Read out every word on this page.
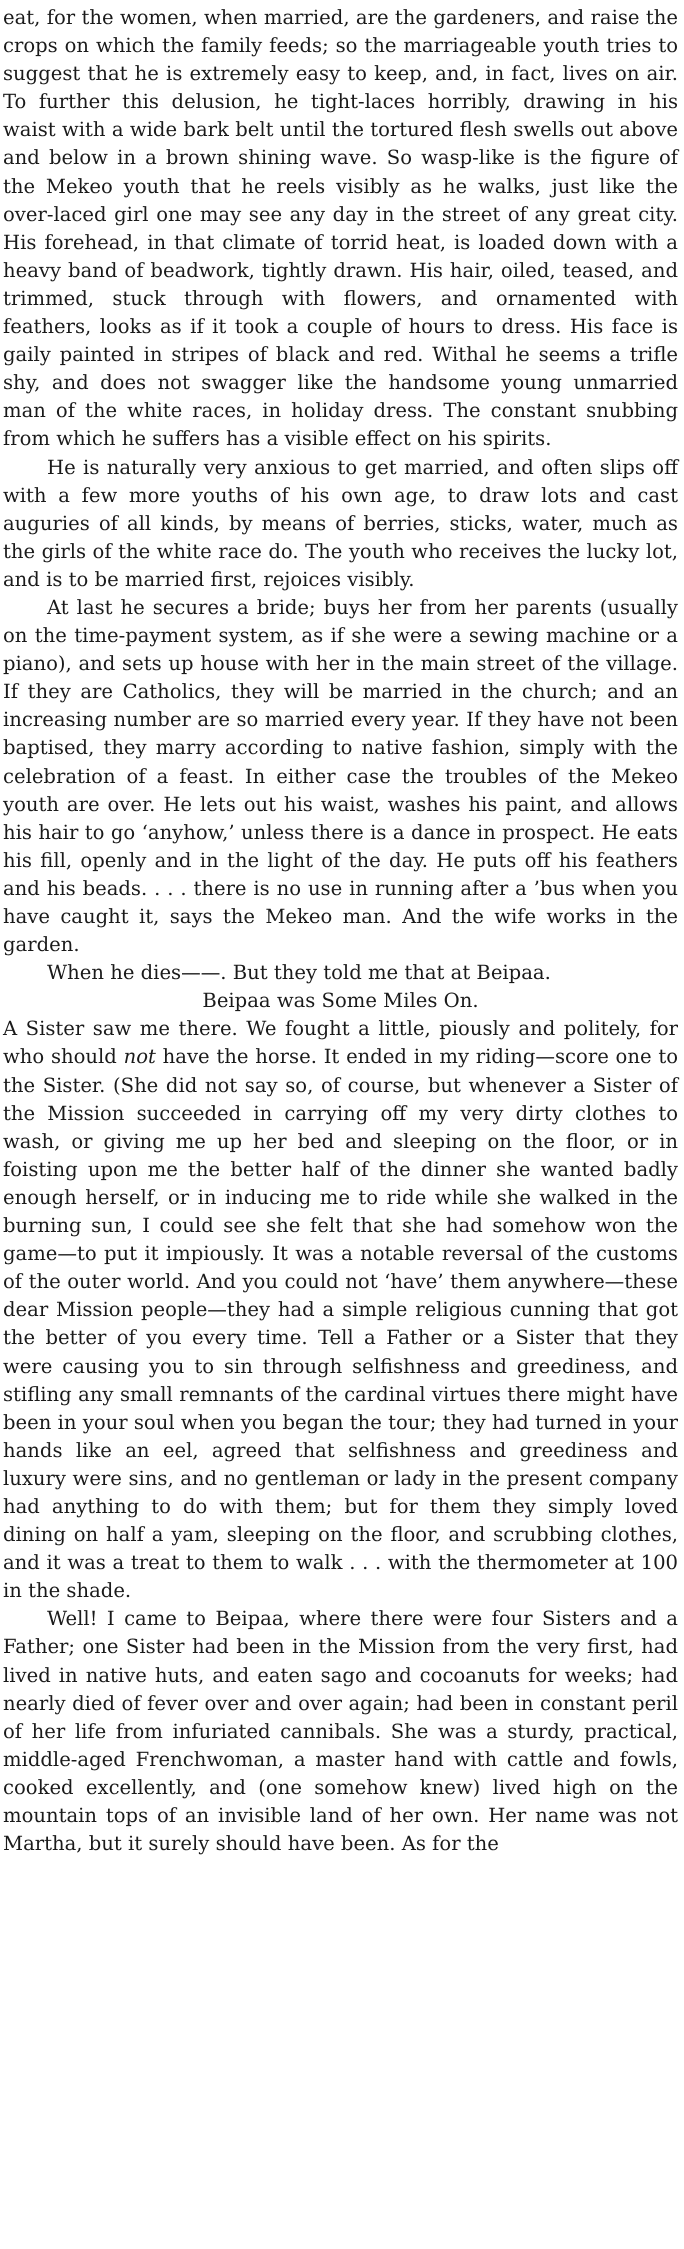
eat, for the women, when married, are the gardeners, and raise the crops on which the family feeds; so the marriageable youth tries to suggest that he is extremely easy to keep, and, in fact, lives on air. To further this delusion, he tight-laces horribly, drawing in his waist with a wide bark belt until the tortured flesh swells out above and below in a brown shining wave. So wasp-like is the figure of the Mekeo youth that he reels visibly as he walks, just like the over-laced girl one may see any day in the street of any great city. His forehead, in that climate of torrid heat, is loaded down with a heavy band of beadwork, tightly drawn. His hair, oiled, teased, and trimmed, stuck through with flowers, and ornamented with feathers, looks as if it took a couple of hours to dress. His face is gaily painted in stripes of black and red. Withal he seems a trifle shy, and does not swagger like the handsome young unmarried man of the white races, in holiday dress. The constant snubbing from which he suffers has a visible effect on his spirits.

He is naturally very anxious to get married, and often slips off with a few more youths of his own age, to draw lots and cast auguries of all kinds, by means of berries, sticks, water, much as the girls of the white race do. The youth who receives the lucky lot, and is to be married first, rejoices visibly.

At last he secures a bride; buys her from her parents (usually on the time-payment system, as if she were a sewing machine or a piano), and sets up house with her in the main street of the village. If they are Catholics, they will be married in the church; and an increasing number are so married every year. If they have not been baptised, they marry according to native fashion, simply with the celebration of a feast. In either case the troubles of the Mekeo youth are over. He lets out his waist, washes his paint, and allows his hair to go ‘anyhow,’ unless there is a dance in prospect. He eats his fill, openly and in the light of the day. He puts off his feathers and his beads. . . . there is no use in running after a ’bus when you have caught it, says the Mekeo man. And the wife works in the garden.

When he dies——. But they told me that at Beipaa.

Beipaa was Some Miles On.

A Sister saw me there. We fought a little, piously and politely, for who should not have the horse. It ended in my riding—score one to the Sister. (She did not say so, of course, but whenever a Sister of the Mission succeeded in carrying off my very dirty clothes to wash, or giving me up her bed and sleeping on the floor, or in foisting upon me the better half of the dinner she wanted badly enough herself, or in inducing me to ride while she walked in the burning sun, I could see she felt that she had somehow won the game—to put it impiously. It was a notable reversal of the customs of the outer world. And you could not ‘have’ them anywhere—these dear Mission people—they had a simple religious cunning that got the better of you every time. Tell a Father or a Sister that they were causing you to sin through selfishness and greediness, and stifling any small remnants of the cardinal virtues there might have been in your soul when you began the tour; they had turned in your hands like an eel, agreed that selfishness and greediness and luxury were sins, and no gentleman or lady in the present company had anything to do with them; but for them they simply loved dining on half a yam, sleeping on the floor, and scrubbing clothes, and it was a treat to them to walk . . . with the thermometer at 100 in the shade.

Well! I came to Beipaa, where there were four Sisters and a Father; one Sister had been in the Mission from the very first, had lived in native huts, and eaten sago and cocoanuts for weeks; had nearly died of fever over and over again; had been in constant peril of her life from infuriated cannibals. She was a sturdy, practical, middle-aged Frenchwoman, a master hand with cattle and fowls, cooked excellently, and (one somehow knew) lived high on the mountain tops of an invisible land of her own. Her name was not Martha, but it surely should have been. As for the
